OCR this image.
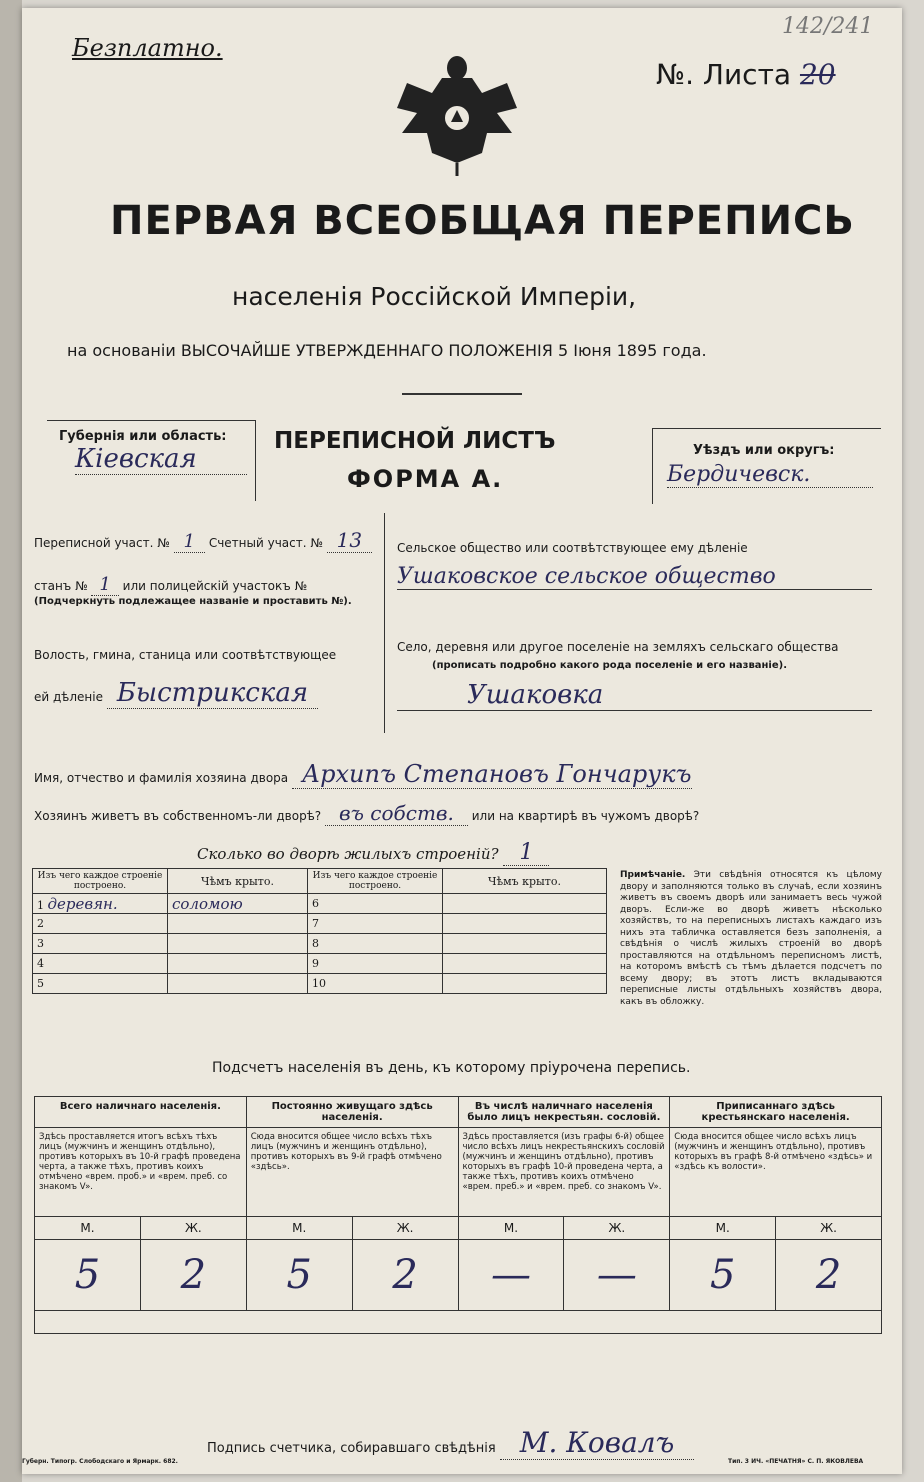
Безплатно.
142/241
№. Листа 20
ПЕРВАЯ ВСЕОБЩАЯ ПЕРЕПИСЬ
населенія Россійской Имперіи,
на основаніи ВЫСОЧАЙШЕ УТВЕРЖДЕННАГО ПОЛОЖЕНІЯ 5 Іюня 1895 года.
Губернія или область:
Кіевская
ПЕРЕПИСНОЙ ЛИСТЪ
ФОРМА А.
Уѣздъ или округъ:
Бердичевск.
Переписной участ. № 1 Счетный участ. № 13
станъ № 1 или полицейскій участокъ №
(Подчеркнуть подлежащее названіе и проставить №).
Волость, гмина, станица или соотвѣтствующее
ей дѣленіе Быстрикская
Сельское общество или соотвѣтствующее ему дѣленіе
Ушаковское сельское общество
Село, деревня или другое поселеніе на земляхъ сельскаго общества
(прописать подробно какого рода поселеніе и его названіе).
Ушаковка
Имя, отчество и фамилія хозяина двора Архипъ Степановъ Гончарукъ
Хозяинъ живетъ въ собственномъ-ли дворѣ? въ собств. или на квартирѣ въ чужомъ дворѣ?
Сколько во дворѣ жилыхъ строеній? 1
Изъ чего каждое строеніе построено.	Чѣмъ крыто.	Изъ чего каждое строеніе построено.	Чѣмъ крыто.
1 деревян.	соломою	6	
2		7	
3		8	
4		9	
5		10	
Примѣчаніе. Эти свѣдѣнія относятся къ цѣлому двору и заполняются только въ случаѣ, если хозяинъ живетъ въ своемъ дворѣ или занимаетъ весь чужой дворъ. Если-же во дворѣ живетъ нѣсколько хозяйствъ, то на переписныхъ листахъ каждаго изъ нихъ эта табличка оставляется безъ заполненія, а свѣдѣнія о числѣ жилыхъ строеній во дворѣ проставляются на отдѣльномъ переписномъ листѣ, на которомъ вмѣстѣ съ тѣмъ дѣлается подсчетъ по всему двору; въ этотъ листъ вкладываются переписные листы отдѣльныхъ хозяйствъ двора, какъ въ обложку.
Подсчетъ населенія въ день, къ которому пріурочена перепись.
Всего наличнаго населенія.		Постоянно живущаго здѣсь населенія.		Въ числѣ наличнаго населенія было лицъ некрестьян. сословій.		Приписаннаго здѣсь крестьянскаго населенія.	
Здѣсь проставляется итогъ всѣхъ тѣхъ лицъ (мужчинъ и женщинъ отдѣльно), противъ которыхъ въ 10-й графѣ проведена черта, а также тѣхъ, противъ коихъ отмѣчено «врем. проб.» и «врем. преб. со знакомъ V».		Сюда вносится общее число всѣхъ тѣхъ лицъ (мужчинъ и женщинъ отдѣльно), противъ которыхъ въ 9-й графѣ отмѣчено «здѣсь».		Здѣсь проставляется (изъ графы 6-й) общее число всѣхъ лицъ некрестьянскихъ сословій (мужчинъ и женщинъ отдѣльно), противъ которыхъ въ графѣ 10-й проведена черта, а также тѣхъ, противъ коихъ отмѣчено «врем. преб.» и «врем. преб. со знакомъ V».		Сюда вносится общее число всѣхъ лицъ (мужчинъ и женщинъ отдѣльно), противъ которыхъ въ графѣ 8-й отмѣчено «здѣсь» и «здѣсь къ волости».	
М.	Ж.	М.	Ж.	М.	Ж.	М.	Ж.
5	2	5	2	—	—	5	2

Подпись счетчика, собиравшаго свѣдѣнія М. Ковалъ
Губерн. Типогр. Слободскаго и Ярмарк. 682.	Тип. 3 ИЧ. «ПЕЧАТНЯ» С. П. ЯКОВЛЕВА
